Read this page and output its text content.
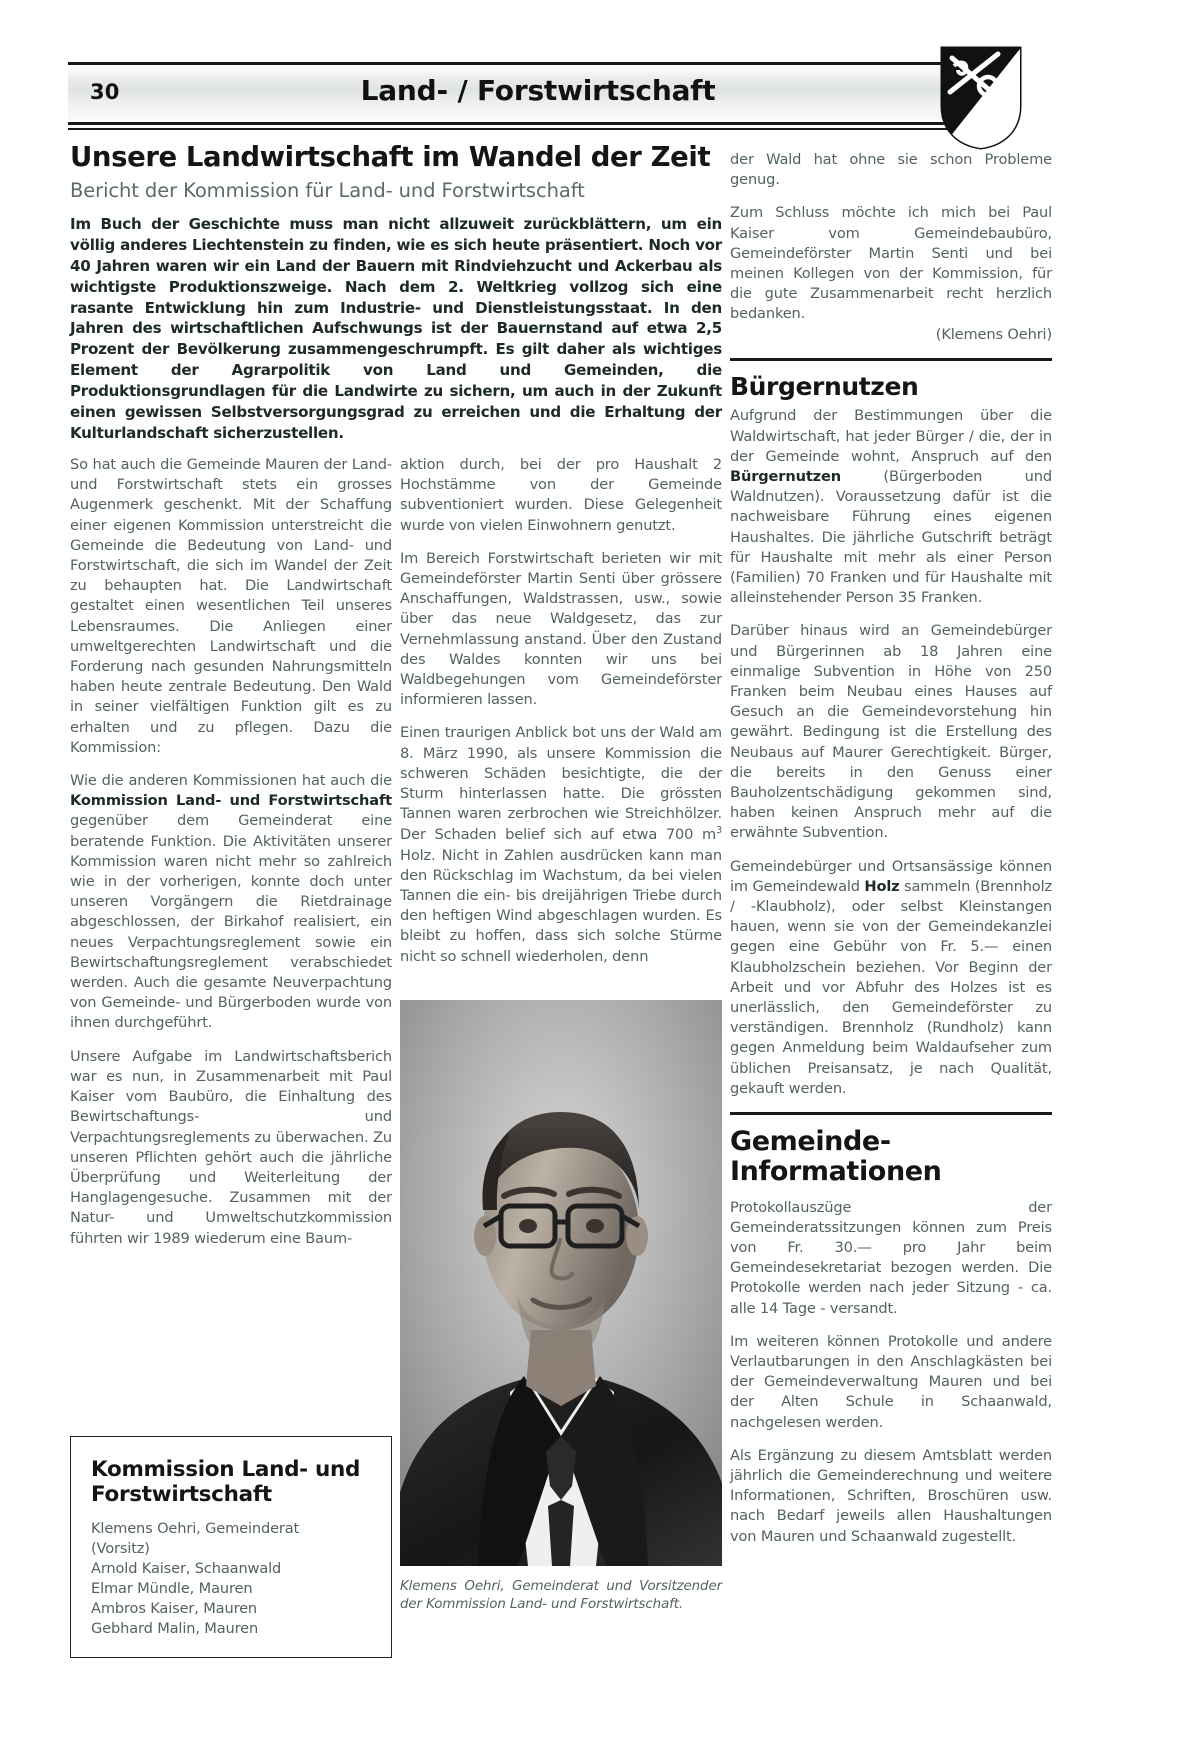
30	Land- / Forstwirtschaft
Unsere Landwirtschaft im Wandel der Zeit
Bericht der Kommission für Land- und Forstwirtschaft
Im Buch der Geschichte muss man nicht allzuweit zurückblättern, um ein völlig anderes Liechtenstein zu finden, wie es sich heute präsentiert. Noch vor 40 Jahren waren wir ein Land der Bauern mit Rindviehzucht und Ackerbau als wichtigste Produktionszweige. Nach dem 2. Weltkrieg vollzog sich eine rasante Entwicklung hin zum Industrie- und Dienstleistungsstaat. In den Jahren des wirtschaftlichen Aufschwungs ist der Bauernstand auf etwa 2,5 Prozent der Bevölkerung zusammengeschrumpft. Es gilt daher als wichtiges Element der Agrarpolitik von Land und Gemeinden, die Produktionsgrundlagen für die Landwirte zu sichern, um auch in der Zukunft einen gewissen Selbstversorgungsgrad zu erreichen und die Erhaltung der Kulturlandschaft sicherzustellen.

So hat auch die Gemeinde Mauren der Land- und Forstwirtschaft stets ein grosses Augenmerk geschenkt. Mit der Schaffung einer eigenen Kommission unterstreicht die Gemeinde die Bedeutung von Land- und Forstwirtschaft, die sich im Wandel der Zeit zu behaupten hat. Die Landwirtschaft gestaltet einen wesentlichen Teil unseres Lebensraumes. Die Anliegen einer umweltgerechten Landwirtschaft und die Forderung nach gesunden Nahrungsmitteln haben heute zentrale Bedeutung. Den Wald in seiner vielfältigen Funktion gilt es zu erhalten und zu pflegen. Dazu die Kommission:

Wie die anderen Kommissionen hat auch die Kommission Land- und Forstwirtschaft gegenüber dem Gemeinderat eine beratende Funktion. Die Aktivitäten unserer Kommission waren nicht mehr so zahlreich wie in der vorherigen, konnte doch unter unseren Vorgängern die Rietdrainage abgeschlossen, der Birkahof realisiert, ein neues Verpachtungsreglement sowie ein Bewirtschaftungsreglement verabschiedet werden. Auch die gesamte Neuverpachtung von Gemeinde- und Bürgerboden wurde von ihnen durchgeführt.

Unsere Aufgabe im Landwirtschaftsberich war es nun, in Zusammenarbeit mit Paul Kaiser vom Baubüro, die Einhaltung des Bewirtschaftungs- und Verpachtungsreglements zu überwachen. Zu unseren Pflichten gehört auch die jährliche Überprüfung und Weiterleitung der Hanglagengesuche. Zusammen mit der Natur- und Umweltschutzkommission führten wir 1989 wiederum eine Baum-

Kommission Land- und Forstwirtschaft
Klemens Oehri, Gemeinderat
(Vorsitz)
Arnold Kaiser, Schaanwald
Elmar Mündle, Mauren
Ambros Kaiser, Mauren
Gebhard Malin, Mauren

aktion durch, bei der pro Haushalt 2 Hochstämme von der Gemeinde subventioniert wurden. Diese Gelegenheit wurde von vielen Einwohnern genutzt.

Im Bereich Forstwirtschaft berieten wir mit Gemeindeförster Martin Senti über grössere Anschaffungen, Waldstrassen, usw., sowie über das neue Waldgesetz, das zur Vernehmlassung anstand. Über den Zustand des Waldes konnten wir uns bei Waldbegehungen vom Gemeindeförster informieren lassen.

Einen traurigen Anblick bot uns der Wald am 8. März 1990, als unsere Kommission die schweren Schäden besichtigte, die der Sturm hinterlassen hatte. Die grössten Tannen waren zerbrochen wie Streichhölzer. Der Schaden belief sich auf etwa 700 $m^3$ Holz. Nicht in Zahlen ausdrücken kann man den Rückschlag im Wachstum, da bei vielen Tannen die ein- bis dreijährigen Triebe durch den heftigen Wind abgeschlagen wurden. Es bleibt zu hoffen, dass sich solche Stürme nicht so schnell wiederholen, denn

Klemens Oehri, Gemeinderat und Vorsitzender der Kommission Land- und Forstwirtschaft.

der Wald hat ohne sie schon Probleme genug.

Zum Schluss möchte ich mich bei Paul Kaiser vom Gemeindebaubüro, Gemeindeförster Martin Senti und bei meinen Kollegen von der Kommission, für die gute Zusammenarbeit recht herzlich bedanken.
(Klemens Oehri)

Bürgernutzen

Aufgrund der Bestimmungen über die Waldwirtschaft, hat jeder Bürger / die, der in der Gemeinde wohnt, Anspruch auf den Bürgernutzen (Bürgerboden und Waldnutzen). Voraussetzung dafür ist die nachweisbare Führung eines eigenen Haushaltes. Die jährliche Gutschrift beträgt für Haushalte mit mehr als einer Person (Familien) 70 Franken und für Haushalte mit alleinstehender Person 35 Franken.

Darüber hinaus wird an Gemeindebürger und Bürgerinnen ab 18 Jahren eine einmalige Subvention in Höhe von 250 Franken beim Neubau eines Hauses auf Gesuch an die Gemeindevorstehung hin gewährt. Bedingung ist die Erstellung des Neubaus auf Maurer Gerechtigkeit. Bürger, die bereits in den Genuss einer Bauholzentschädigung gekommen sind, haben keinen Anspruch mehr auf die erwähnte Subvention.

Gemeindebürger und Ortsansässige können im Gemeindewald Holz sammeln (Brennholz / -Klaubholz), oder selbst Kleinstangen hauen, wenn sie von der Gemeindekanzlei gegen eine Gebühr von Fr. 5.— einen Klaubholzschein beziehen. Vor Beginn der Arbeit und vor Abfuhr des Holzes ist es unerlässlich, den Gemeindeförster zu verständigen. Brennholz (Rundholz) kann gegen Anmeldung beim Waldaufseher zum üblichen Preisansatz, je nach Qualität, gekauft werden.

Gemeinde-
Informationen

Protokollauszüge der Gemeinderatssitzungen können zum Preis von Fr. 30.— pro Jahr beim Gemeindesekretariat bezogen werden. Die Protokolle werden nach jeder Sitzung - ca. alle 14 Tage - versandt.

Im weiteren können Protokolle und andere Verlautbarungen in den Anschlagkästen bei der Gemeindeverwaltung Mauren und bei der Alten Schule in Schaanwald, nachgelesen werden.

Als Ergänzung zu diesem Amtsblatt werden jährlich die Gemeinderechnung und weitere Informationen, Schriften, Broschüren usw. nach Bedarf jeweils allen Haushaltungen von Mauren und Schaanwald zugestellt.
